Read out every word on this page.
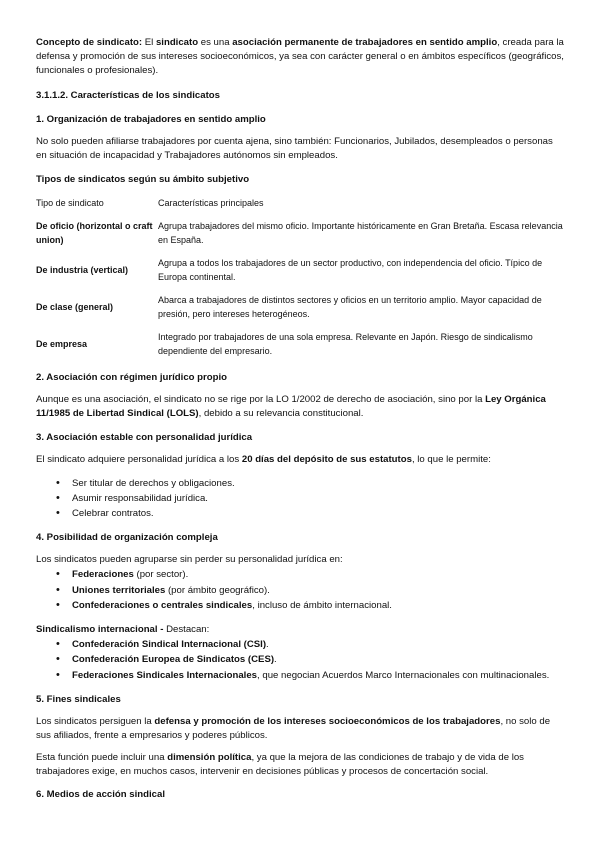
Concepto de sindicato: El sindicato es una asociación permanente de trabajadores en sentido amplio, creada para la defensa y promoción de sus intereses socioeconómicos, ya sea con carácter general o en ámbitos específicos (geográficos, funcionales o profesionales).

3.1.1.2. Características de los sindicatos
1. Organización de trabajadores en sentido amplio

No solo pueden afiliarse trabajadores por cuenta ajena, sino también: Funcionarios, Jubilados, desempleados o personas en situación de incapacidad y Trabajadores autónomos sin empleados.

Tipos de sindicatos según su ámbito subjetivo
Tipo de sindicato	Características principales
De oficio (horizontal o craft union)	Agrupa trabajadores del mismo oficio. Importante históricamente en Gran Bretaña. Escasa relevancia en España.
De industria (vertical)	Agrupa a todos los trabajadores de un sector productivo, con independencia del oficio. Típico de Europa continental.
De clase (general)	Abarca a trabajadores de distintos sectores y oficios en un territorio amplio. Mayor capacidad de presión, pero intereses heterogéneos.
De empresa	Integrado por trabajadores de una sola empresa. Relevante en Japón. Riesgo de sindicalismo dependiente del empresario.
2. Asociación con régimen jurídico propio

Aunque es una asociación, el sindicato no se rige por la LO 1/2002 de derecho de asociación, sino por la Ley Orgánica 11/1985 de Libertad Sindical (LOLS), debido a su relevancia constitucional.

3. Asociación estable con personalidad jurídica

El sindicato adquiere personalidad jurídica a los 20 días del depósito de sus estatutos, lo que le permite:

• Ser titular de derechos y obligaciones.
• Asumir responsabilidad jurídica.
• Celebrar contratos.
4. Posibilidad de organización compleja

Los sindicatos pueden agruparse sin perder su personalidad jurídica en:

• Federaciones (por sector).
• Uniones territoriales (por ámbito geográfico).
• Confederaciones o centrales sindicales, incluso de ámbito internacional.

Sindicalismo internacional - Destacan:

• Confederación Sindical Internacional (CSI).
• Confederación Europea de Sindicatos (CES).
• Federaciones Sindicales Internacionales, que negocian Acuerdos Marco Internacionales con multinacionales.
5. Fines sindicales

Los sindicatos persiguen la defensa y promoción de los intereses socioeconómicos de los trabajadores, no solo de sus afiliados, frente a empresarios y poderes públicos.

Esta función puede incluir una dimensión política, ya que la mejora de las condiciones de trabajo y de vida de los trabajadores exige, en muchos casos, intervenir en decisiones públicas y procesos de concertación social.

6. Medios de acción sindical
